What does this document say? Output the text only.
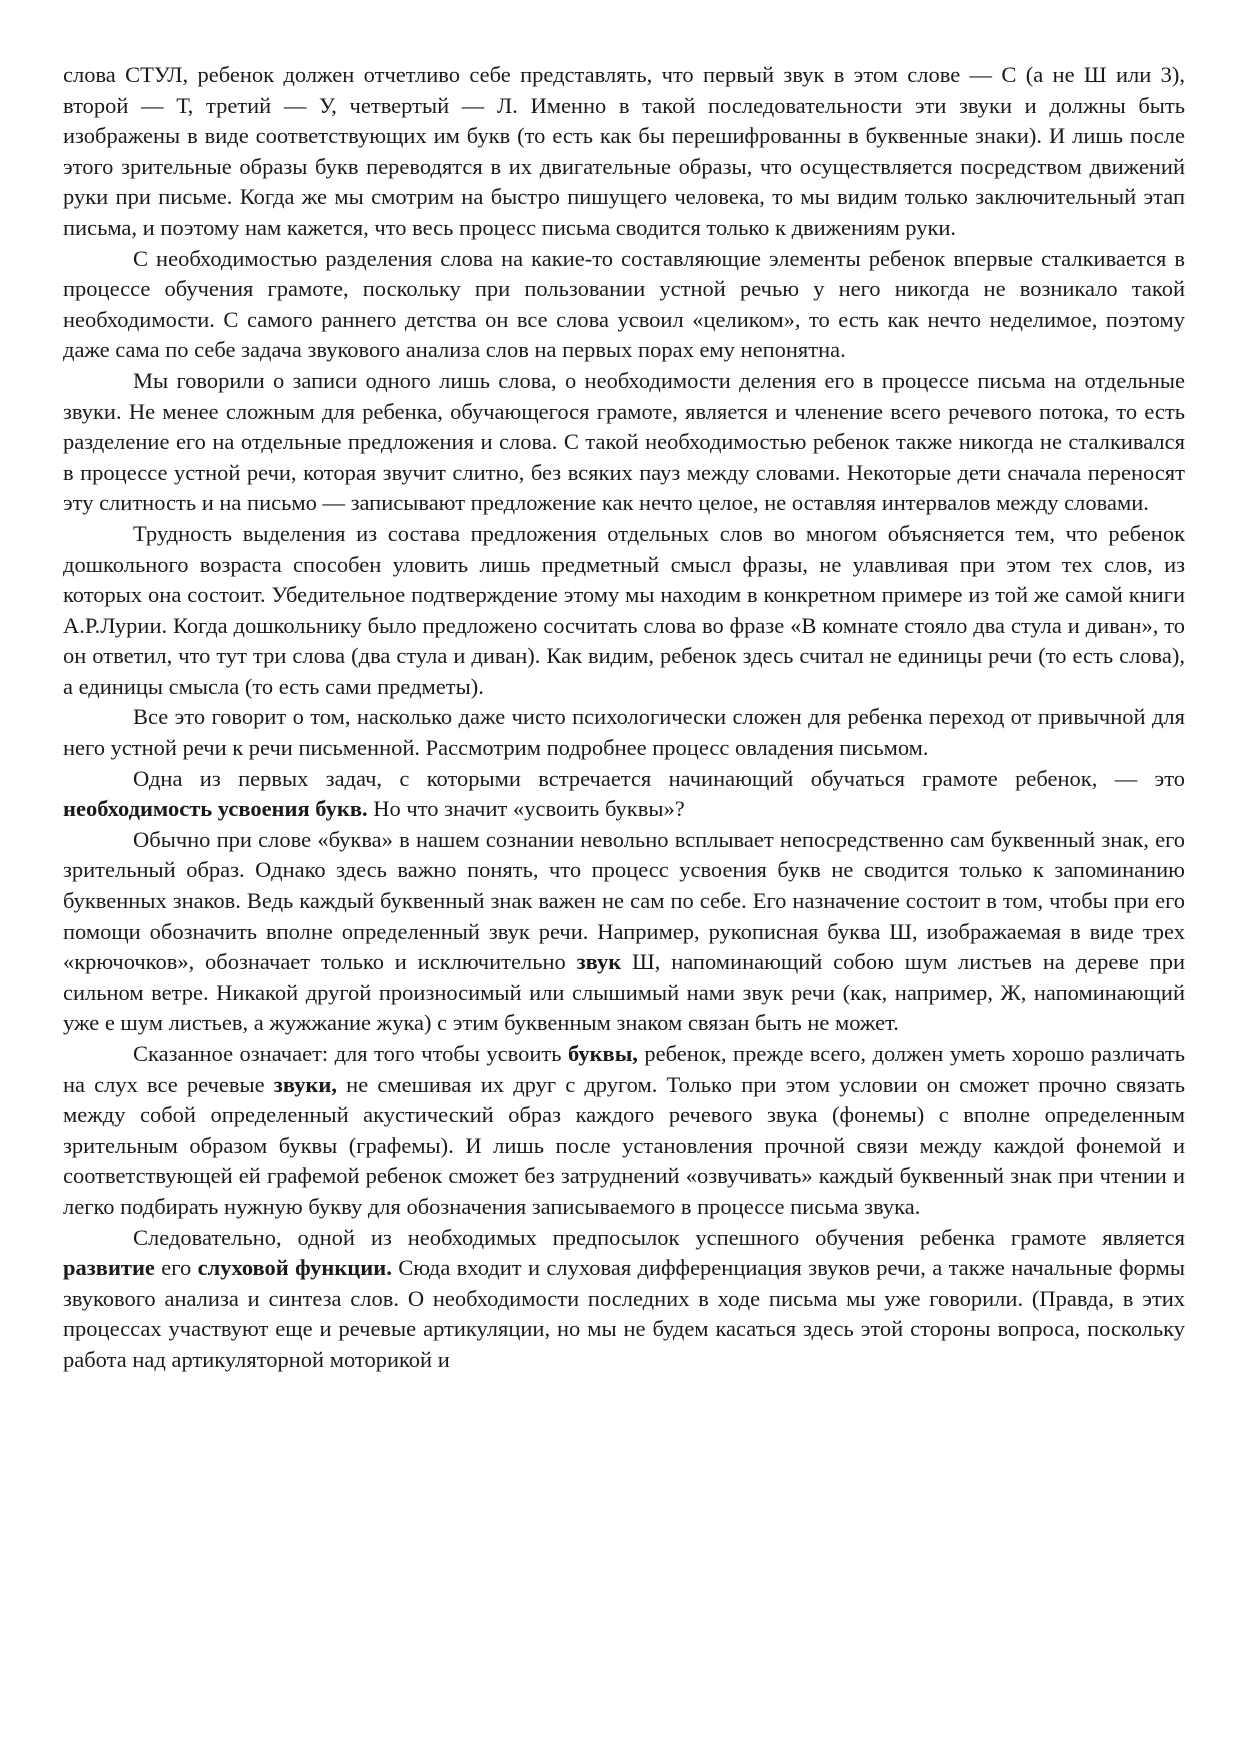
слова СТУЛ, ребенок должен отчетливо себе представлять, что первый звук в этом слове — С (а не Ш или 3), второй — Т, третий — У, четвертый — Л. Именно в такой последовательности эти звуки и должны быть изображены в виде соответствующих им букв (то есть как бы перешифрованны в буквенные знаки). И лишь после этого зрительные образы букв переводятся в их двигательные образы, что осуществляется посредством движений руки при письме. Когда же мы смотрим на быстро пишущего человека, то мы видим только заключительный этап письма, и поэтому нам кажется, что весь процесс письма сводится только к движениям руки.

С необходимостью разделения слова на какие-то составляющие элементы ребенок впервые сталкивается в процессе обучения грамоте, поскольку при пользовании устной речью у него никогда не возникало такой необходимости. С самого раннего детства он все слова усвоил «целиком», то есть как нечто неделимое, поэтому даже сама по себе задача звукового анализа слов на первых порах ему непонятна.

Мы говорили о записи одного лишь слова, о необходимости деления его в процессе письма на отдельные звуки. Не менее сложным для ребенка, обучающегося грамоте, является и членение всего речевого потока, то есть разделение его на отдельные предложения и слова. С такой необходимостью ребенок также никогда не сталкивался в процессе устной речи, которая звучит слитно, без всяких пауз между словами. Некоторые дети сначала переносят эту слитность и на письмо — записывают предложение как нечто целое, не оставляя интервалов между словами.

Трудность выделения из состава предложения отдельных слов во многом объясняется тем, что ребенок дошкольного возраста способен уловить лишь предметный смысл фразы, не улавливая при этом тех слов, из которых она состоит. Убедительное подтверждение этому мы находим в конкретном примере из той же самой книги А.Р.Лурии. Когда дошкольнику было предложено сосчитать слова во фразе «В комнате стояло два стула и диван», то он ответил, что тут три слова (два стула и диван). Как видим, ребенок здесь считал не единицы речи (то есть слова), а единицы смысла (то есть сами предметы).

Все это говорит о том, насколько даже чисто психологически сложен для ребенка переход от привычной для него устной речи к речи письменной. Рассмотрим подробнее процесс овладения письмом.

Одна из первых задач, с которыми встречается начинающий обучаться грамоте ребенок, — это необходимость усвоения букв. Но что значит «усвоить буквы»?

Обычно при слове «буква» в нашем сознании невольно всплывает непосредственно сам буквенный знак, его зрительный образ. Однако здесь важно понять, что процесс усвоения букв не сводится только к запоминанию буквенных знаков. Ведь каждый буквенный знак важен не сам по себе. Его назначение состоит в том, чтобы при его помощи обозначить вполне определенный звук речи. Например, рукописная буква Ш, изображаемая в виде трех «крючочков», обозначает только и исключительно звук Ш, напоминающий собою шум листьев на дереве при сильном ветре. Никакой другой произносимый или слышимый нами звук речи (как, например, Ж, напоминающий уже е шум листьев, а жужжание жука) с этим буквенным знаком связан быть не может.

Сказанное означает: для того чтобы усвоить буквы, ребенок, прежде всего, должен уметь хорошо различать на слух все речевые звуки, не смешивая их друг с другом. Только при этом условии он сможет прочно связать между собой определенный акустический образ каждого речевого звука (фонемы) с вполне определенным зрительным образом буквы (графемы). И лишь после установления прочной связи между каждой фонемой и соответствующей ей графемой ребенок сможет без затруднений «озвучивать» каждый буквенный знак при чтении и легко подбирать нужную букву для обозначения записываемого в процессе письма звука.

Следовательно, одной из необходимых предпосылок успешного обучения ребенка грамоте является развитие его слуховой функции. Сюда входит и слуховая дифференциация звуков речи, а также начальные формы звукового анализа и синтеза слов. О необходимости последних в ходе письма мы уже говорили. (Правда, в этих процессах участвуют еще и речевые артикуляции, но мы не будем касаться здесь этой стороны вопроса, поскольку работа над артикуляторной моторикой и
